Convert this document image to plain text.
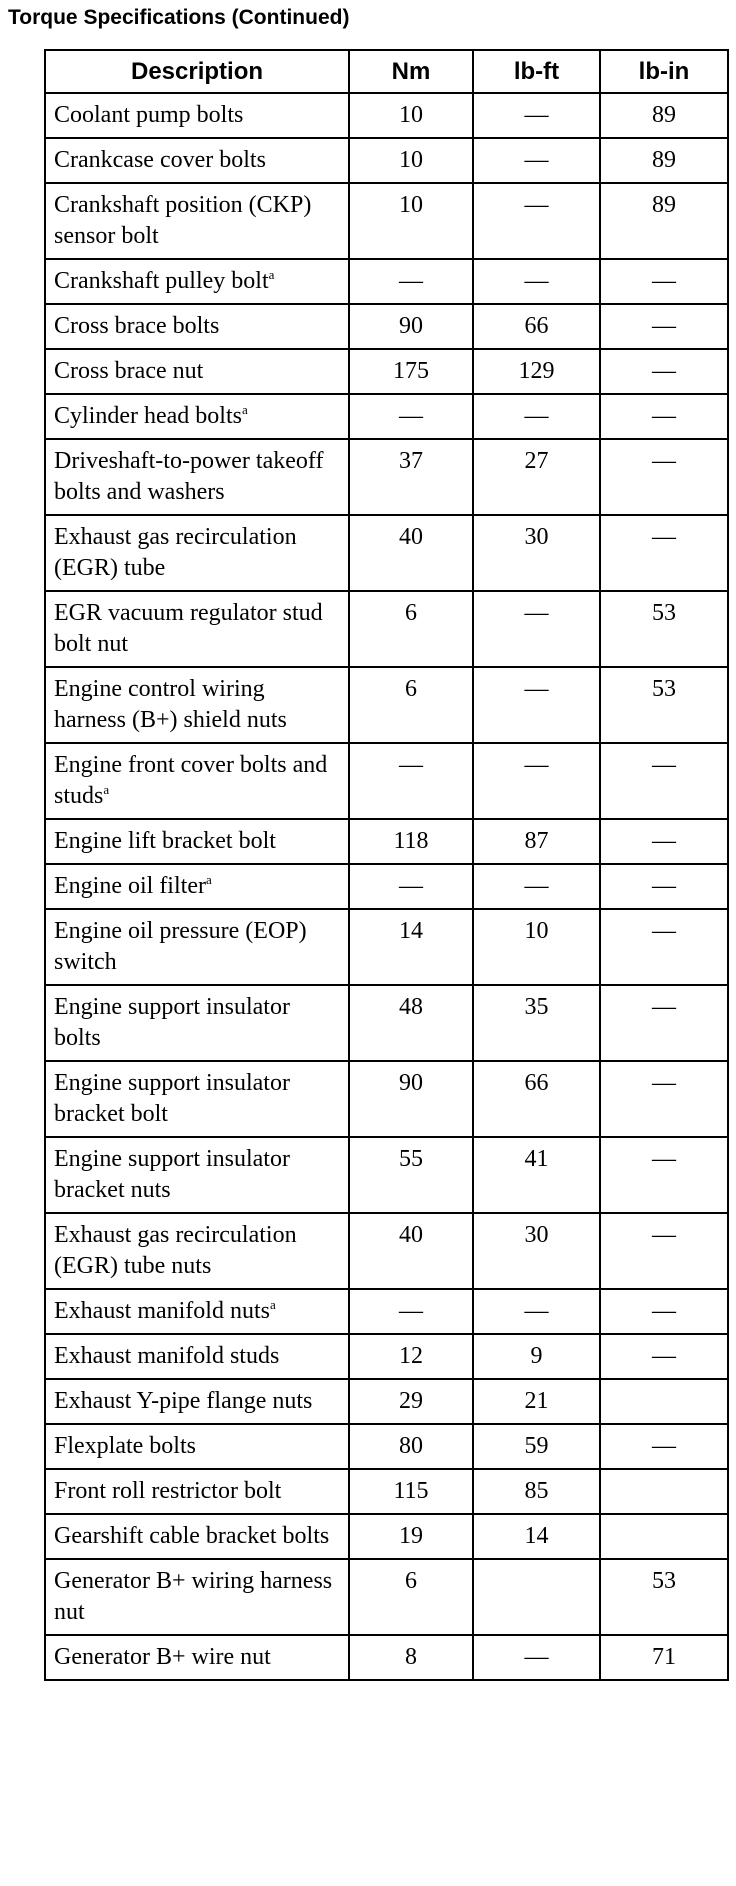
Torque Specifications (Continued)
Description	Nm	lb-ft	lb-in
Coolant pump bolts	10	—	89
Crankcase cover bolts	10	—	89
Crankshaft position (CKP) sensor bolt	10	—	89
Crankshaft pulley bolt$^a$	—	—	—
Cross brace bolts	90	66	—
Cross brace nut	175	129	—
Cylinder head bolts$^a$	—	—	—
Driveshaft-to-power takeoff bolts and washers	37	27	—
Exhaust gas recirculation (EGR) tube	40	30	—
EGR vacuum regulator stud bolt nut	6	—	53
Engine control wiring harness (B+) shield nuts	6	—	53
Engine front cover bolts and studs$^a$	—	—	—
Engine lift bracket bolt	118	87	—
Engine oil filter$^a$	—	—	—
Engine oil pressure (EOP) switch	14	10	—
Engine support insulator bolts	48	35	—
Engine support insulator bracket bolt	90	66	—
Engine support insulator bracket nuts	55	41	—
Exhaust gas recirculation (EGR) tube nuts	40	30	—
Exhaust manifold nuts$^a$	—	—	—
Exhaust manifold studs	12	9	—
Exhaust Y-pipe flange nuts	29	21	
Flexplate bolts	80	59	—
Front roll restrictor bolt	115	85	
Gearshift cable bracket bolts	19	14	
Generator B+ wiring harness nut	6		53
Generator B+ wire nut	8	—	71
